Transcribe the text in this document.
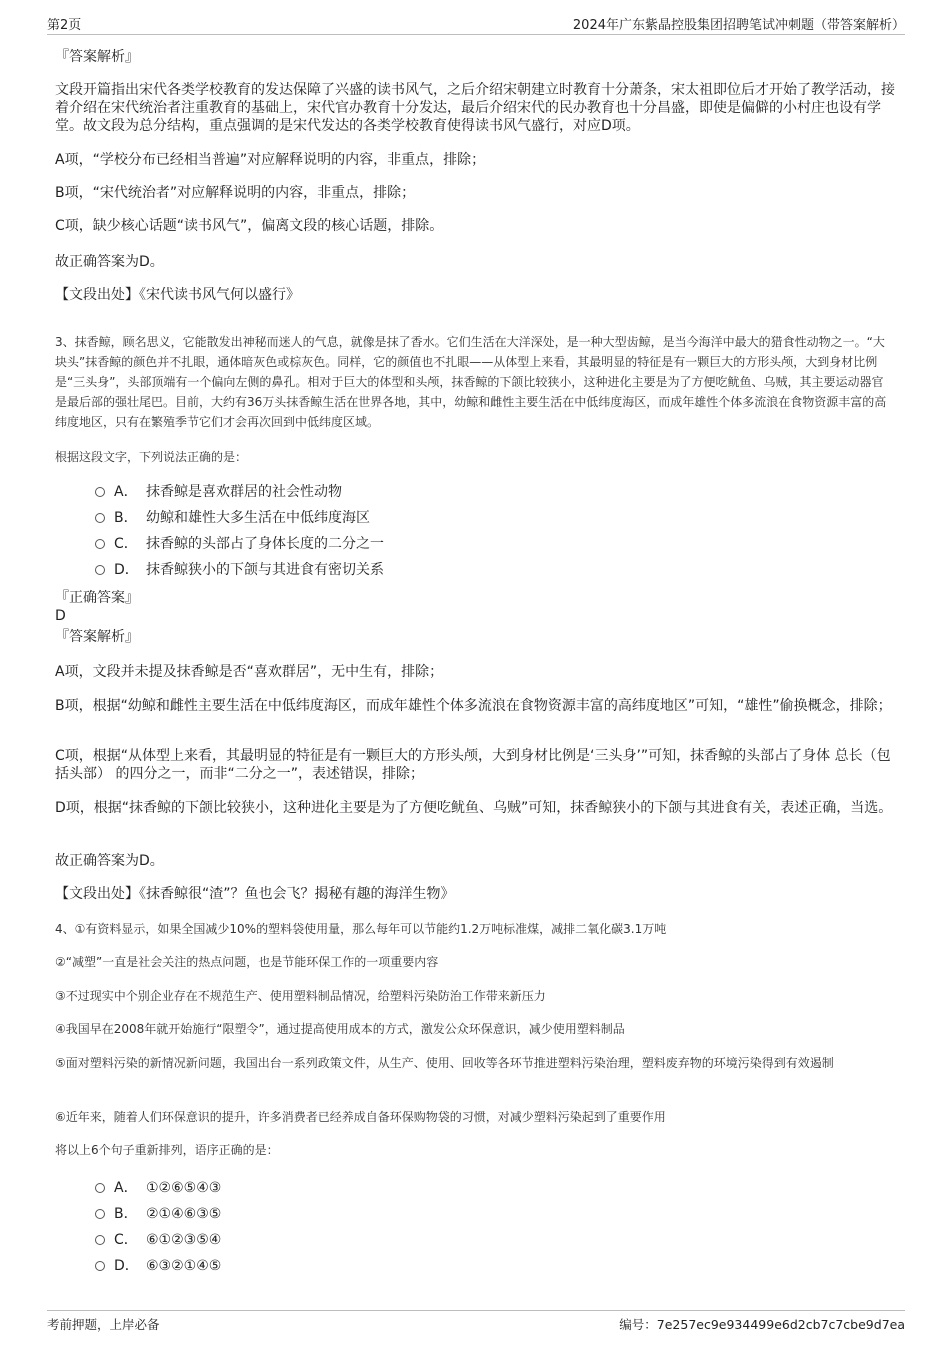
第2页	2024年广东紫晶控股集团招聘笔试冲刺题（带答案解析）

『答案解析』

文段开篇指出宋代各类学校教育的发达保障了兴盛的读书风气，之后介绍宋朝建立时教育十分萧条，宋太祖即位后才开始了教学活动，接着介绍在宋代统治者注重教育的基础上，宋代官办教育十分发达，最后介绍宋代的民办教育也十分昌盛，即使是偏僻的小村庄也设有学堂。故文段为总分结构，重点强调的是宋代发达的各类学校教育使得读书风气盛行，对应D项。

A项，“学校分布已经相当普遍”对应解释说明的内容，非重点，排除；

B项，“宋代统治者”对应解释说明的内容，非重点，排除；

C项，缺少核心话题“读书风气”，偏离文段的核心话题，排除。

故正确答案为D。

【文段出处】《宋代读书风气何以盛行》

3、抹香鲸，顾名思义，它能散发出神秘而迷人的气息，就像是抹了香水。它们生活在大洋深处，是一种大型齿鲸，是当今海洋中最大的猎食性动物之一。“大块头”抹香鲸的颜色并不扎眼，通体暗灰色或棕灰色。同样，它的颜值也不扎眼——从体型上来看，其最明显的特征是有一颗巨大的方形头颅，大到身材比例是“三头身”，头部顶端有一个偏向左侧的鼻孔。相对于巨大的体型和头颅，抹香鲸的下颌比较狭小，这种进化主要是为了方便吃鱿鱼、乌贼，其主要运动器官是最后部的强壮尾巴。目前，大约有36万头抹香鲸生活在世界各地，其中，幼鲸和雌性主要生活在中低纬度海区，而成年雄性个体多流浪在食物资源丰富的高纬度地区，只有在繁殖季节它们才会再次回到中低纬度区域。

根据这段文字，下列说法正确的是：

A． 抹香鲸是喜欢群居的社会性动物
B． 幼鲸和雄性大多生活在中低纬度海区
C． 抹香鲸的头部占了身体长度的二分之一
D． 抹香鲸狭小的下颌与其进食有密切关系

『正确答案』

D

『答案解析』

A项，文段并未提及抹香鲸是否“喜欢群居”，无中生有，排除；

B项，根据“幼鲸和雌性主要生活在中低纬度海区，而成年雄性个体多流浪在食物资源丰富的高纬度地区”可知，“雄性”偷换概念，排除；

C项，根据“从体型上来看，其最明显的特征是有一颗巨大的方形头颅，大到身材比例是‘三头身’”可知，抹香鲸的头部占了身体 总长（包括头部） 的四分之一，而非“二分之一”，表述错误，排除；

D项，根据“抹香鲸的下颌比较狭小，这种进化主要是为了方便吃鱿鱼、乌贼”可知，抹香鲸狭小的下颌与其进食有关，表述正确，当选。

故正确答案为D。

【文段出处】《抹香鲸很“渣”？鱼也会飞？揭秘有趣的海洋生物》

4、①有资料显示，如果全国减少10%的塑料袋使用量，那么每年可以节能约1.2万吨标准煤，减排二氧化碳3.1万吨

②“减塑”一直是社会关注的热点问题，也是节能环保工作的一项重要内容

③不过现实中个别企业存在不规范生产、使用塑料制品情况，给塑料污染防治工作带来新压力

④我国早在2008年就开始施行“限塑令”，通过提高使用成本的方式，激发公众环保意识，减少使用塑料制品

⑤面对塑料污染的新情况新问题，我国出台一系列政策文件，从生产、使用、回收等各环节推进塑料污染治理，塑料废弃物的环境污染得到有效遏制

⑥近年来，随着人们环保意识的提升，许多消费者已经养成自备环保购物袋的习惯，对减少塑料污染起到了重要作用

将以上6个句子重新排列，语序正确的是：

A． ①②⑥⑤④③
B． ②①④⑥③⑤
C． ⑥①②③⑤④
D． ⑥③②①④⑤
考前押题，上岸必备	编号：7e257ec9e934499e6d2cb7c7cbe9d7ea
